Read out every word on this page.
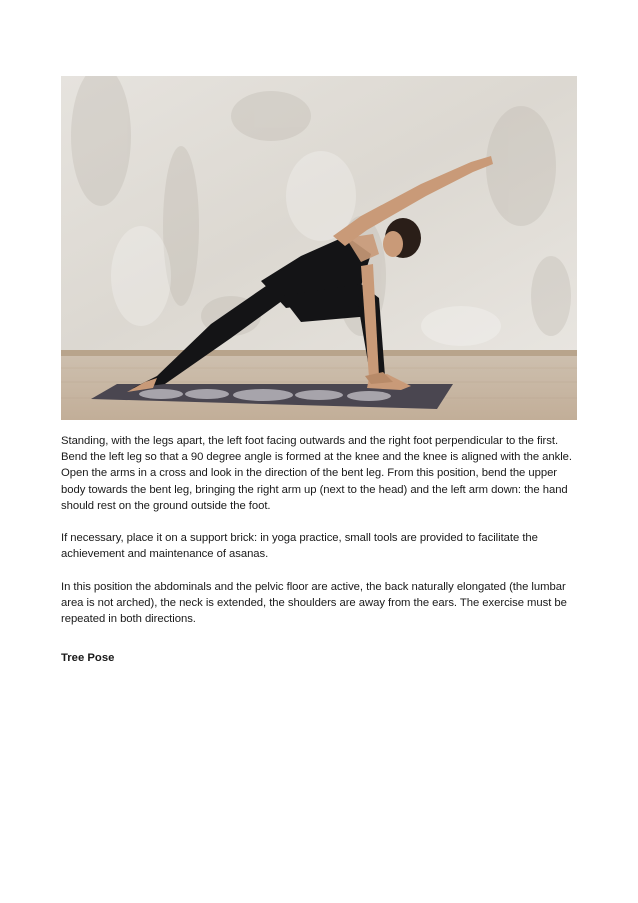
Standing, with the legs apart, the left foot facing outwards and the right foot perpendicular to the first. Bend the left leg so that a 90 degree angle is formed at the knee and the knee is aligned with the ankle. Open the arms in a cross and look in the direction of the bent leg. From this position, bend the upper body towards the bent leg, bringing the right arm up (next to the head) and the left arm down: the hand should rest on the ground outside the foot.

If necessary, place it on a support brick: in yoga practice, small tools are provided to facilitate the achievement and maintenance of asanas.

In this position the abdominals and the pelvic floor are active, the back naturally elongated (the lumbar area is not arched), the neck is extended, the shoulders are away from the ears. The exercise must be repeated in both directions.

Tree Pose
